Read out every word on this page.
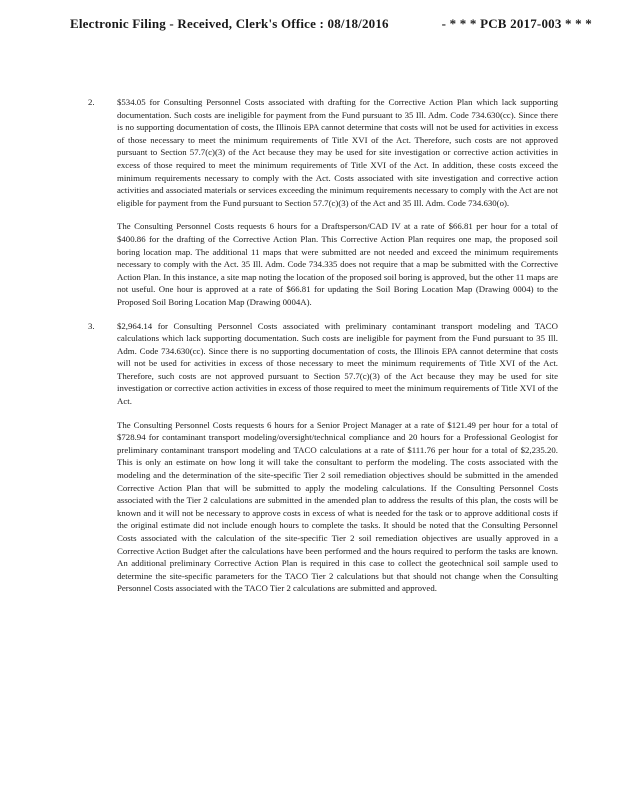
Electronic Filing - Received, Clerk's Office : 08/18/2016	- * * * PCB 2017-003 * * *
2.	$534.05 for Consulting Personnel Costs associated with drafting for the Corrective Action Plan which lack supporting documentation. Such costs are ineligible for payment from the Fund pursuant to 35 Ill. Adm. Code 734.630(cc). Since there is no supporting documentation of costs, the Illinois EPA cannot determine that costs will not be used for activities in excess of those necessary to meet the minimum requirements of Title XVI of the Act. Therefore, such costs are not approved pursuant to Section 57.7(c)(3) of the Act because they may be used for site investigation or corrective action activities in excess of those required to meet the minimum requirements of Title XVI of the Act. In addition, these costs exceed the minimum requirements necessary to comply with the Act. Costs associated with site investigation and corrective action activities and associated materials or services exceeding the minimum requirements necessary to comply with the Act are not eligible for payment from the Fund pursuant to Section 57.7(c)(3) of the Act and 35 Ill. Adm. Code 734.630(o).

The Consulting Personnel Costs requests 6 hours for a Draftsperson/CAD IV at a rate of $66.81 per hour for a total of $400.86 for the drafting of the Corrective Action Plan. This Corrective Action Plan requires one map, the proposed soil boring location map. The additional 11 maps that were submitted are not needed and exceed the minimum requirements necessary to comply with the Act. 35 Ill. Adm. Code 734.335 does not require that a map be submitted with the Corrective Action Plan. In this instance, a site map noting the location of the proposed soil boring is approved, but the other 11 maps are not useful. One hour is approved at a rate of $66.81 for updating the Soil Boring Location Map (Drawing 0004) to the Proposed Soil Boring Location Map (Drawing 0004A).

3.	$2,964.14 for Consulting Personnel Costs associated with preliminary contaminant transport modeling and TACO calculations which lack supporting documentation. Such costs are ineligible for payment from the Fund pursuant to 35 Ill. Adm. Code 734.630(cc). Since there is no supporting documentation of costs, the Illinois EPA cannot determine that costs will not be used for activities in excess of those necessary to meet the minimum requirements of Title XVI of the Act. Therefore, such costs are not approved pursuant to Section 57.7(c)(3) of the Act because they may be used for site investigation or corrective action activities in excess of those required to meet the minimum requirements of Title XVI of the Act.

The Consulting Personnel Costs requests 6 hours for a Senior Project Manager at a rate of $121.49 per hour for a total of $728.94 for contaminant transport modeling/oversight/technical compliance and 20 hours for a Professional Geologist for preliminary contaminant transport modeling and TACO calculations at a rate of $111.76 per hour for a total of $2,235.20. This is only an estimate on how long it will take the consultant to perform the modeling. The costs associated with the modeling and the determination of the site-specific Tier 2 soil remediation objectives should be submitted in the amended Corrective Action Plan that will be submitted to apply the modeling calculations. If the Consulting Personnel Costs associated with the Tier 2 calculations are submitted in the amended plan to address the results of this plan, the costs will be known and it will not be necessary to approve costs in excess of what is needed for the task or to approve additional costs if the original estimate did not include enough hours to complete the tasks. It should be noted that the Consulting Personnel Costs associated with the calculation of the site-specific Tier 2 soil remediation objectives are usually approved in a Corrective Action Budget after the calculations have been performed and the hours required to perform the tasks are known. An additional preliminary Corrective Action Plan is required in this case to collect the geotechnical soil sample used to determine the site-specific parameters for the TACO Tier 2 calculations but that should not change when the Consulting Personnel Costs associated with the TACO Tier 2 calculations are submitted and approved.
